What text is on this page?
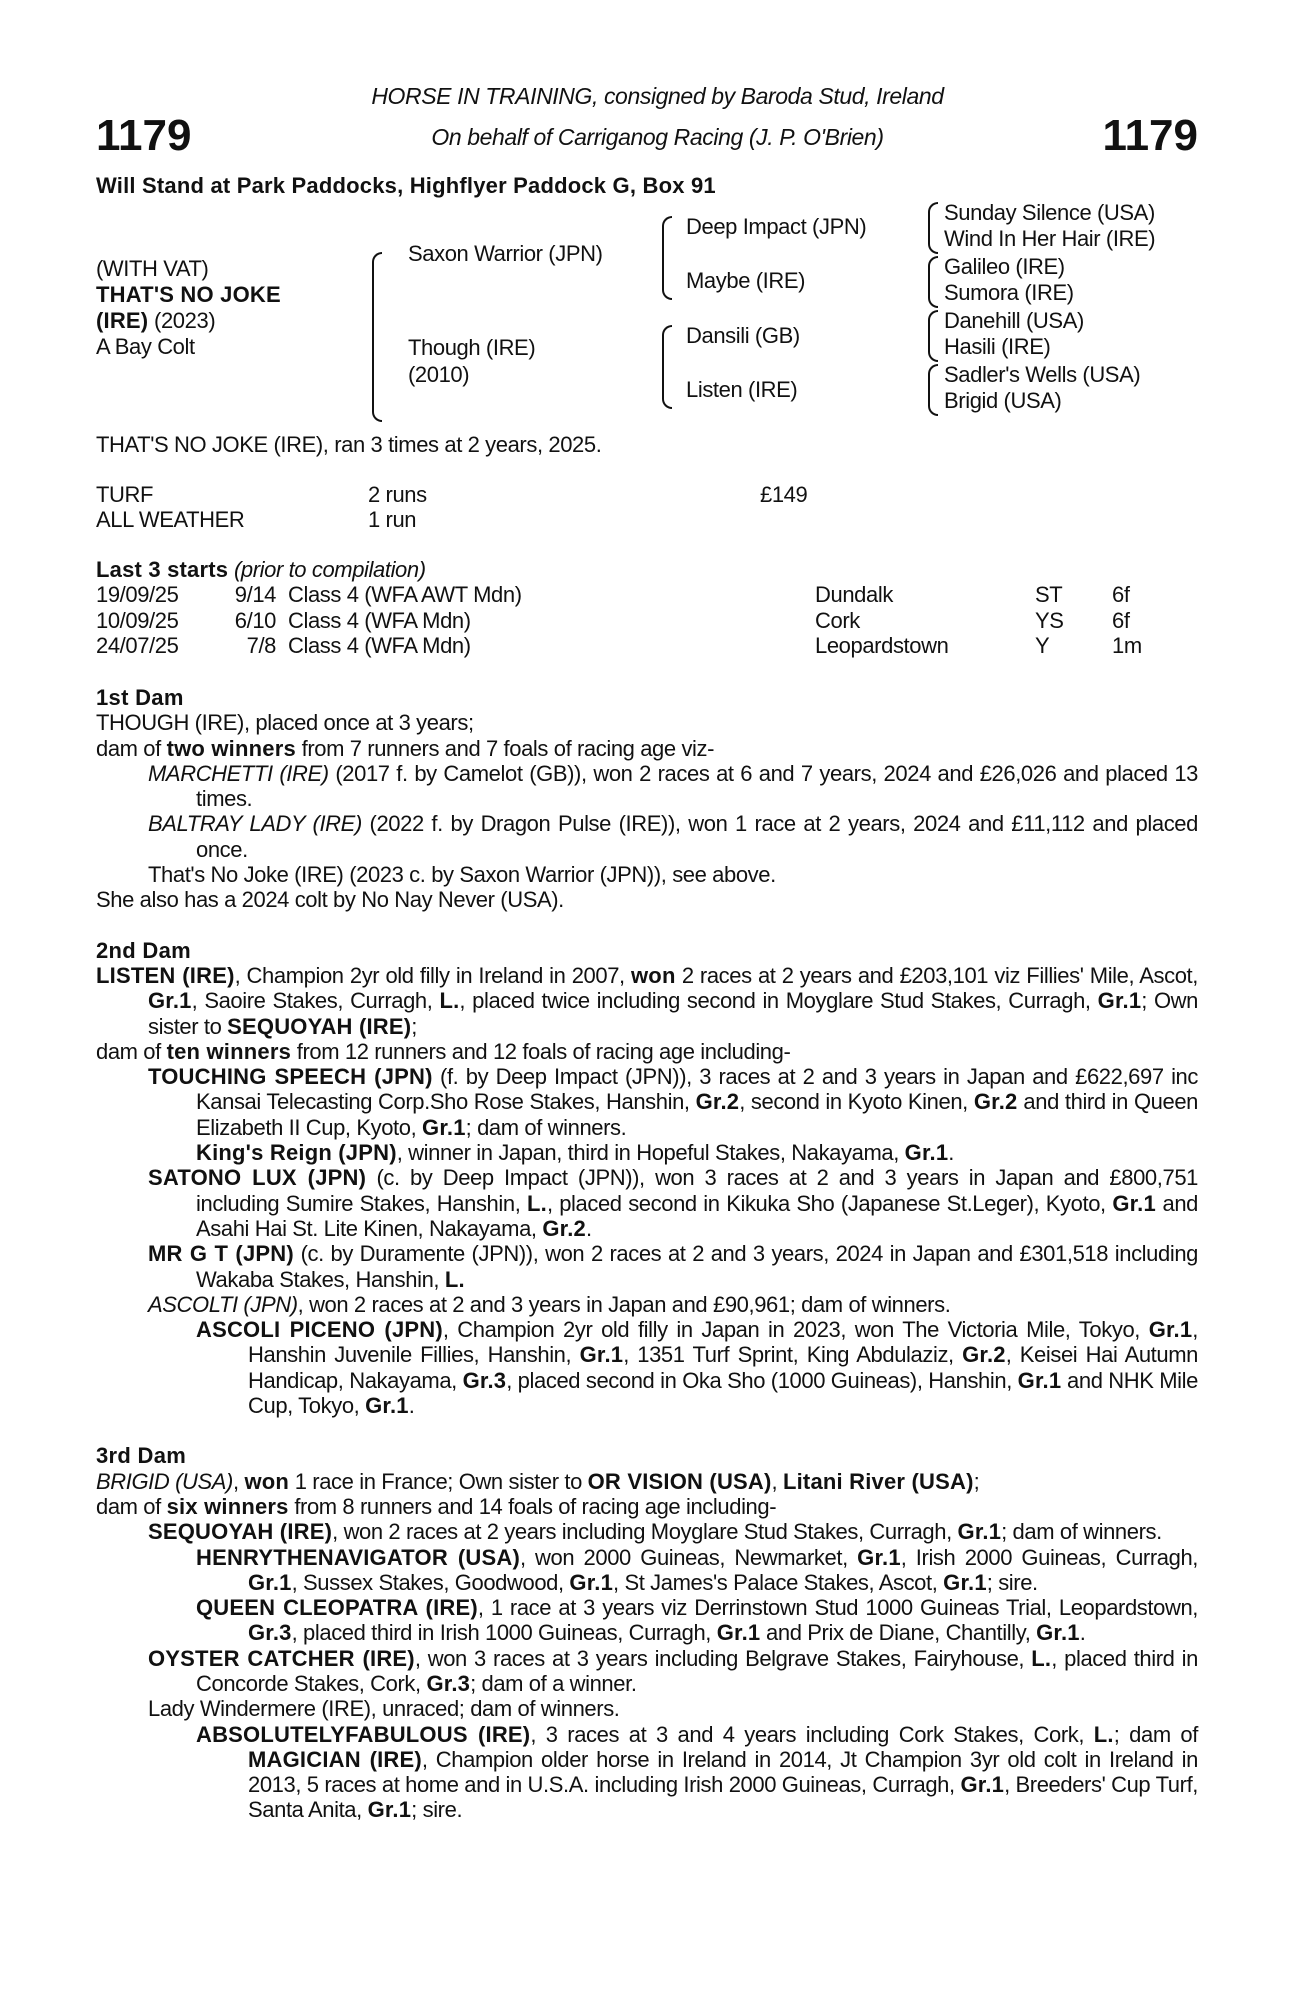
HORSE IN TRAINING, consigned by Baroda Stud, Ireland
On behalf of Carriganog Racing (J. P. O'Brien)
1179	1179
Will Stand at Park Paddocks, Highflyer Paddock G, Box 91
(WITH VAT)
THAT'S NO JOKE
(IRE) (2023)
A Bay Colt
Saxon Warrior (JPN)
Though (IRE)
(2010)
Deep Impact (JPN)
Maybe (IRE)
Dansili (GB)
Listen (IRE)
Sunday Silence (USA)
Wind In Her Hair (IRE)
Galileo (IRE)
Sumora (IRE)
Danehill (USA)
Hasili (IRE)
Sadler's Wells (USA)
Brigid (USA)
THAT'S NO JOKE (IRE), ran 3 times at 2 years, 2025.
TURF	2 runs	£149
ALL WEATHER	1 run
Last 3 starts (prior to compilation)
19/09/25	9/14 Class 4 (WFA AWT Mdn)	Dundalk	ST 6f
10/09/25	6/10 Class 4 (WFA Mdn)	Cork	YS 6f
24/07/25	7/8 Class 4 (WFA Mdn)	Leopardstown	Y	1m
1st Dam
THOUGH (IRE), placed once at 3 years;
dam of two winners from 7 runners and 7 foals of racing age viz-
MARCHETTI (IRE) (2017 f. by Camelot (GB)), won 2 races at 6 and 7 years, 2024 and £26,026 and placed 13 times.
BALTRAY LADY (IRE) (2022 f. by Dragon Pulse (IRE)), won 1 race at 2 years, 2024 and £11,112 and placed once.
That's No Joke (IRE) (2023 c. by Saxon Warrior (JPN)), see above.
She also has a 2024 colt by No Nay Never (USA).
2nd Dam
LISTEN (IRE), Champion 2yr old filly in Ireland in 2007, won 2 races at 2 years and £203,101 viz Fillies' Mile, Ascot, Gr.1, Saoire Stakes, Curragh, L., placed twice including second in Moyglare Stud Stakes, Curragh, Gr.1; Own sister to SEQUOYAH (IRE);
dam of ten winners from 12 runners and 12 foals of racing age including-
TOUCHING SPEECH (JPN) (f. by Deep Impact (JPN)), 3 races at 2 and 3 years in Japan and £622,697 inc Kansai Telecasting Corp.Sho Rose Stakes, Hanshin, Gr.2, second in Kyoto Kinen, Gr.2 and third in Queen Elizabeth II Cup, Kyoto, Gr.1; dam of winners.
King's Reign (JPN), winner in Japan, third in Hopeful Stakes, Nakayama, Gr.1.
SATONO LUX (JPN) (c. by Deep Impact (JPN)), won 3 races at 2 and 3 years in Japan and £800,751 including Sumire Stakes, Hanshin, L., placed second in Kikuka Sho (Japanese St.Leger), Kyoto, Gr.1 and Asahi Hai St. Lite Kinen, Nakayama, Gr.2.
MR G T (JPN) (c. by Duramente (JPN)), won 2 races at 2 and 3 years, 2024 in Japan and £301,518 including Wakaba Stakes, Hanshin, L.
ASCOLTI (JPN), won 2 races at 2 and 3 years in Japan and £90,961; dam of winners.
ASCOLI PICENO (JPN), Champion 2yr old filly in Japan in 2023, won The Victoria Mile, Tokyo, Gr.1, Hanshin Juvenile Fillies, Hanshin, Gr.1, 1351 Turf Sprint, King Abdulaziz, Gr.2, Keisei Hai Autumn Handicap, Nakayama, Gr.3, placed second in Oka Sho (1000 Guineas), Hanshin, Gr.1 and NHK Mile Cup, Tokyo, Gr.1.
3rd Dam
BRIGID (USA), won 1 race in France; Own sister to OR VISION (USA), Litani River (USA);
dam of six winners from 8 runners and 14 foals of racing age including-
SEQUOYAH (IRE), won 2 races at 2 years including Moyglare Stud Stakes, Curragh, Gr.1; dam of winners.
HENRYTHENAVIGATOR (USA), won 2000 Guineas, Newmarket, Gr.1, Irish 2000 Guineas, Curragh, Gr.1, Sussex Stakes, Goodwood, Gr.1, St James's Palace Stakes, Ascot, Gr.1; sire.
QUEEN CLEOPATRA (IRE), 1 race at 3 years viz Derrinstown Stud 1000 Guineas Trial, Leopardstown, Gr.3, placed third in Irish 1000 Guineas, Curragh, Gr.1 and Prix de Diane, Chantilly, Gr.1.
OYSTER CATCHER (IRE), won 3 races at 3 years including Belgrave Stakes, Fairyhouse, L., placed third in Concorde Stakes, Cork, Gr.3; dam of a winner.
Lady Windermere (IRE), unraced; dam of winners.
ABSOLUTELYFABULOUS (IRE), 3 races at 3 and 4 years including Cork Stakes, Cork, L.; dam of MAGICIAN (IRE), Champion older horse in Ireland in 2014, Jt Champion 3yr old colt in Ireland in 2013, 5 races at home and in U.S.A. including Irish 2000 Guineas, Curragh, Gr.1, Breeders' Cup Turf, Santa Anita, Gr.1; sire.
